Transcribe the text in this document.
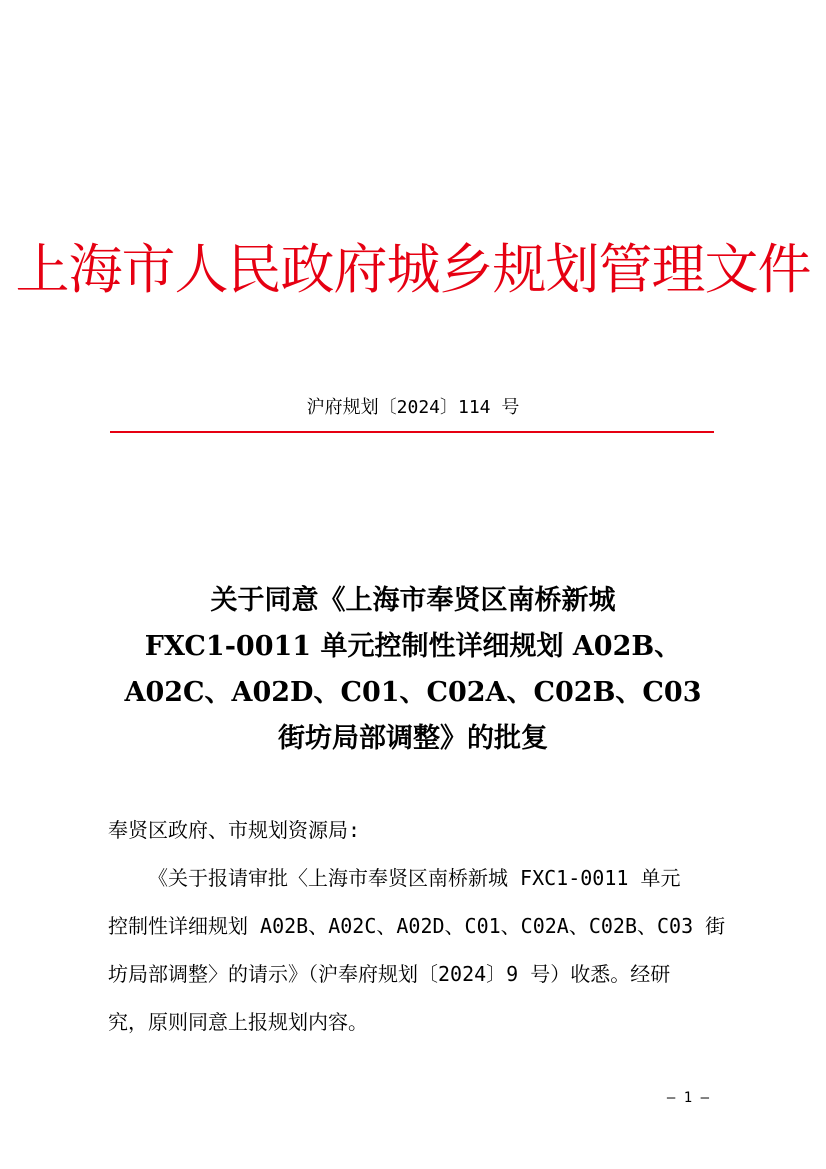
上海市人民政府城乡规划管理文件
沪府规划〔2024〕114 号
关于同意《上海市奉贤区南桥新城
FXC1-0011 单元控制性详细规划 A02B、
A02C、A02D、C01、C02A、C02B、C03
街坊局部调整》的批复
奉贤区政府、市规划资源局:
《关于报请审批〈上海市奉贤区南桥新城 FXC1-0011 单元
控制性详细规划 A02B、A02C、A02D、C01、C02A、C02B、C03 街
坊局部调整〉的请示》（沪奉府规划〔2024〕9 号）收悉。经研
究，原则同意上报规划内容。
– 1 –
